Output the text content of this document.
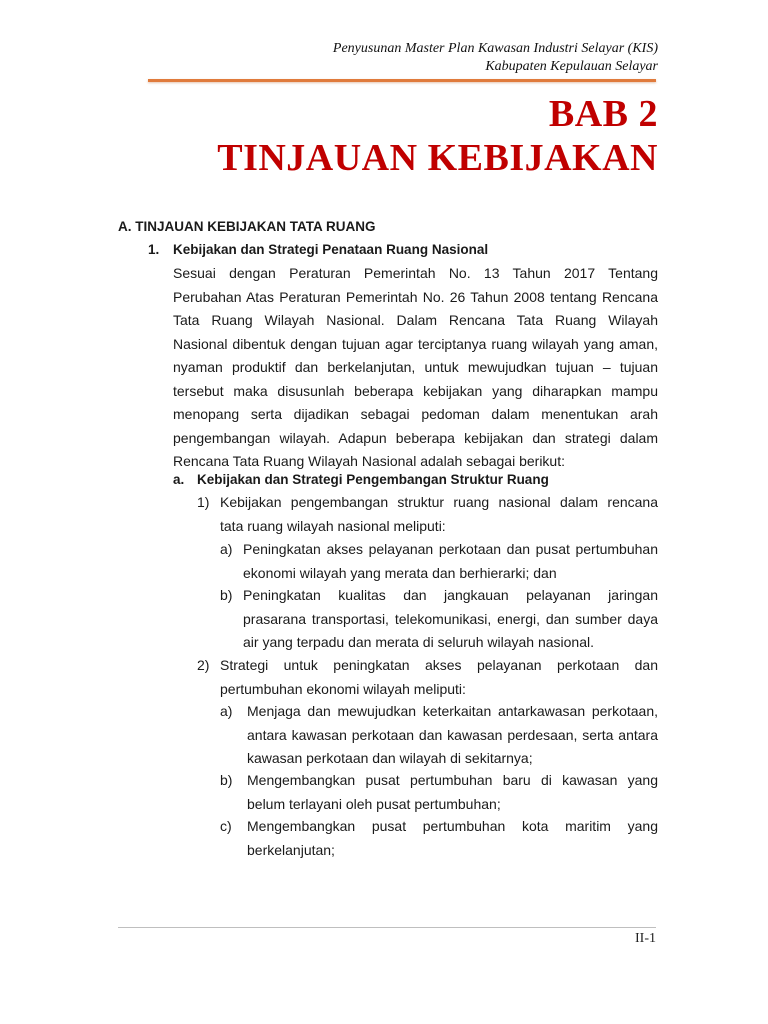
Penyusunan Master Plan Kawasan Industri Selayar (KIS)
Kabupaten Kepulauan Selayar
BAB 2
TINJAUAN KEBIJAKAN
A. TINJAUAN KEBIJAKAN TATA RUANG
1. Kebijakan dan Strategi Penataan Ruang Nasional
Sesuai dengan Peraturan Pemerintah No. 13 Tahun 2017 Tentang
Perubahan Atas Peraturan Pemerintah No. 26 Tahun 2008 tentang Rencana
Tata Ruang Wilayah Nasional. Dalam Rencana Tata Ruang Wilayah
Nasional dibentuk dengan tujuan agar terciptanya ruang wilayah yang aman,
nyaman produktif dan berkelanjutan, untuk mewujudkan tujuan – tujuan
tersebut maka disusunlah beberapa kebijakan yang diharapkan mampu
menopang serta dijadikan sebagai pedoman dalam menentukan arah
pengembangan wilayah. Adapun beberapa kebijakan dan strategi dalam
Rencana Tata Ruang Wilayah Nasional adalah sebagai berikut:
a. Kebijakan dan Strategi Pengembangan Struktur Ruang
1) Kebijakan pengembangan struktur ruang nasional dalam rencana
tata ruang wilayah nasional meliputi:
a) Peningkatan akses pelayanan perkotaan dan pusat pertumbuhan
ekonomi wilayah yang merata dan berhierarki; dan
b) Peningkatan kualitas dan jangkauan pelayanan jaringan
prasarana transportasi, telekomunikasi, energi, dan sumber daya
air yang terpadu dan merata di seluruh wilayah nasional.
2) Strategi untuk peningkatan akses pelayanan perkotaan dan
pertumbuhan ekonomi wilayah meliputi:
a) Menjaga dan mewujudkan keterkaitan antarkawasan perkotaan,
antara kawasan perkotaan dan kawasan perdesaan, serta antara
kawasan perkotaan dan wilayah di sekitarnya;
b) Mengembangkan pusat pertumbuhan baru di kawasan yang
belum terlayani oleh pusat pertumbuhan;
c) Mengembangkan pusat pertumbuhan kota maritim yang
berkelanjutan;
II-1
